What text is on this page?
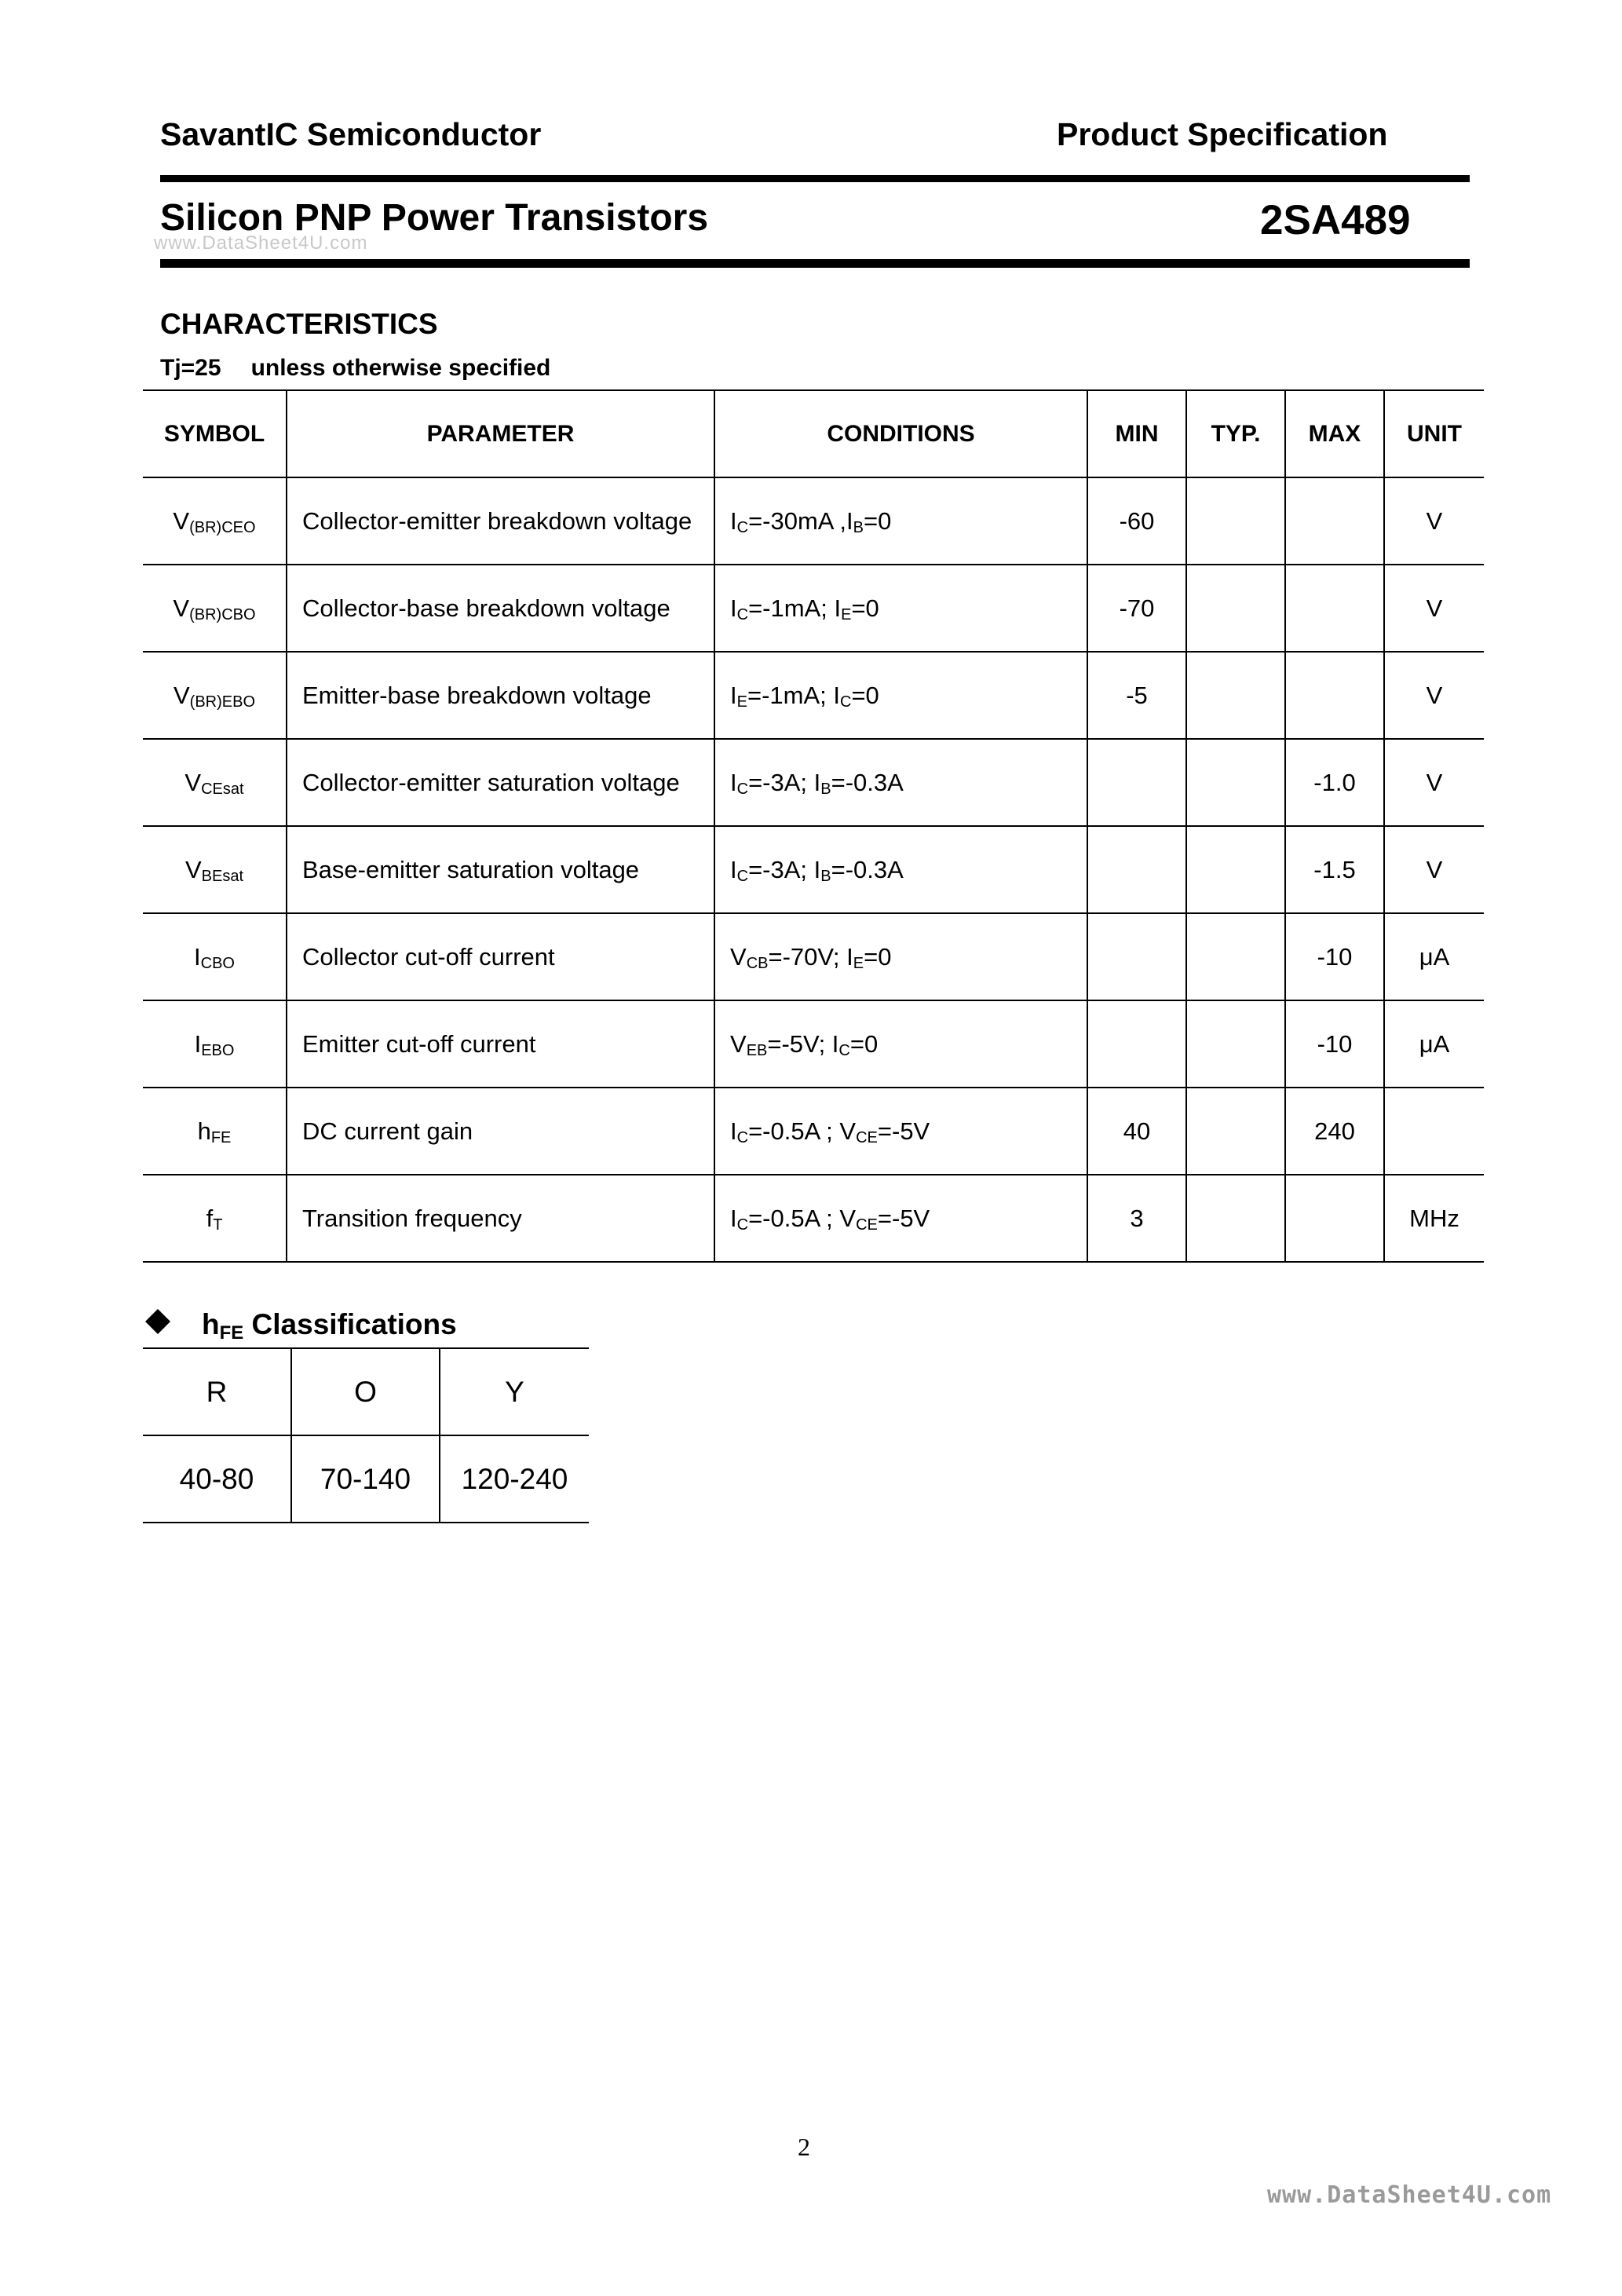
SavantIC Semiconductor	Product Specification
Silicon PNP Power Transistors	2SA489
www.DataSheet4U.com
CHARACTERISTICS
Tj=25 unless otherwise specified
SYMBOL	PARAMETER	CONDITIONS	MIN	TYP.	MAX	UNIT
$V_{(BR)CEO}$	Collector-emitter breakdown voltage	$I_C=-30mA$ $,I_B=0$	-60			V
$V_{(BR)CBO}$	Collector-base breakdown voltage	$I_C=-1mA$; $I_E=0$	-70			V
$V_{(BR)EBO}$	Emitter-base breakdown voltage	$I_E=-1mA$; $I_C=0$	-5			V
$V_{CEsat}$	Collector-emitter saturation voltage	$I_C=-3A$; $I_B=-0.3A$			-1.0	V
$V_{BEsat}$	Base-emitter saturation voltage	$I_C=-3A$; $I_B=-0.3A$			-1.5	V
$I_{CBO}$	Collector cut-off current	$V_{CB}=-70V$; $I_E=0$			-10	μA
$I_{EBO}$	Emitter cut-off current	$V_{EB}=-5V$; $I_C=0$			-10	μA
$h_{FE}$	DC current gain	$I_C=-0.5A$ ; $V_{CE}=-5V$	40		240	
$f_T$	Transition frequency	$I_C=-0.5A$ ; $V_{CE}=-5V$	3			MHz
$h_{FE}$ Classifications
R	O	Y
40-80	70-140	120-240
2
www.DataSheet4U.com
